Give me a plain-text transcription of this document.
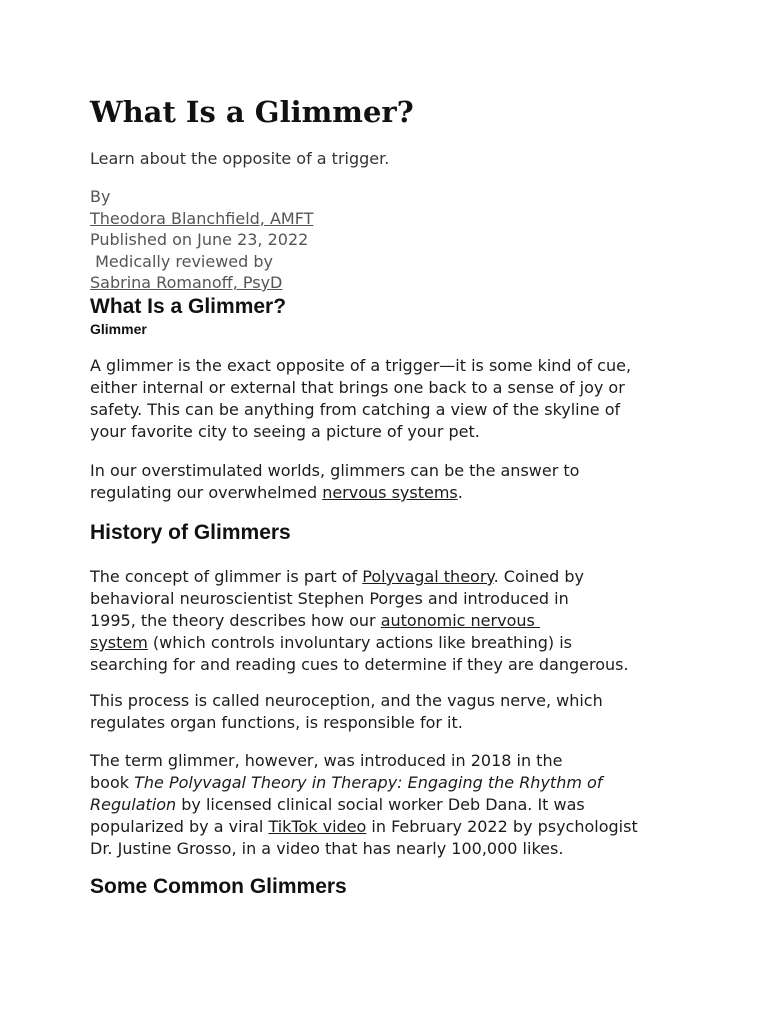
What Is a Glimmer?

Learn about the opposite of a trigger.

By
Theodora Blanchfield, AMFT
Published on June 23, 2022
Medically reviewed by
Sabrina Romanoff, PsyD
What Is a Glimmer?
Glimmer

A glimmer is the exact opposite of a trigger—it is some kind of cue,
either internal or external that brings one back to a sense of joy or
safety. This can be anything from catching a view of the skyline of
your favorite city to seeing a picture of your pet.

In our overstimulated worlds, glimmers can be the answer to
regulating our overwhelmed nervous systems.

History of Glimmers

The concept of glimmer is part of Polyvagal theory. Coined by
behavioral neuroscientist Stephen Porges and introduced in
1995, the theory describes how our autonomic nervous
system (which controls involuntary actions like breathing) is
searching for and reading cues to determine if they are dangerous.

This process is called neuroception, and the vagus nerve, which
regulates organ functions, is responsible for it.

The term glimmer, however, was introduced in 2018 in the
book The Polyvagal Theory in Therapy: Engaging the Rhythm of
Regulation by licensed clinical social worker Deb Dana. It was
popularized by a viral TikTok video in February 2022 by psychologist
Dr. Justine Grosso, in a video that has nearly 100,000 likes.

Some Common Glimmers
